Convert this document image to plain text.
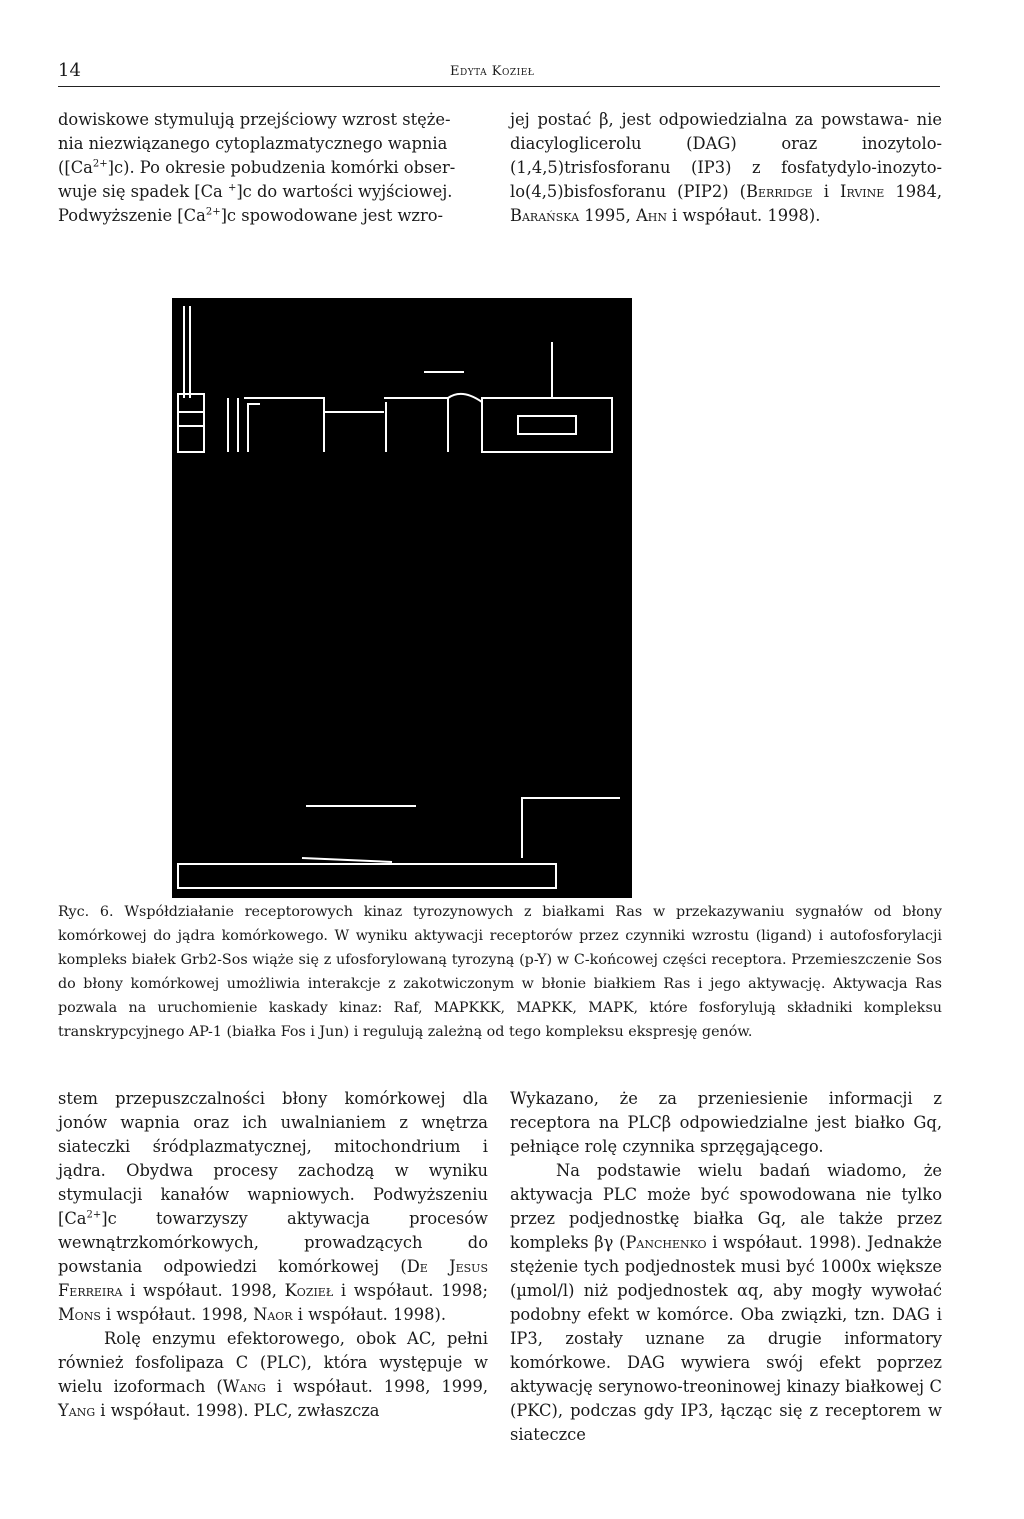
14	Edyta Kozieł
dowiskowe stymulują przejściowy wzrost stęże-
nia niezwiązanego cytoplazmatycznego wapnia
$([Ca^{2+}]c)$. Po okresie pobudzenia komórki obser-
wuje się spadek [Ca +]c do wartości wyjściowej.
Podwyższenie $[Ca^{2+}]c$ spowodowane jest wzro-

jej postać β, jest odpowiedzialna za powstawa- nie diacyloglicerolu (DAG) oraz inozytolo- (1,4,5)trisfosforanu (IP3) z fosfatydylo-inozyto- lo(4,5)bisfosforanu (PIP2) (Berridge i Irvine 1984, Barańska 1995, Ahn i współaut. 1998).

Ryc. 6. Współdziałanie receptorowych kinaz tyrozynowych z białkami Ras w przekazywaniu sygnałów od błony komórkowej do jądra komórkowego. W wyniku aktywacji receptorów przez czynniki wzrostu (ligand) i autofosforylacji kompleks białek Grb2-Sos wiąże się z ufosforylowaną tyrozyną (p-Y) w C-końcowej części receptora. Przemieszczenie Sos do błony komórkowej umożliwia interakcje z zakotwiczonym w błonie białkiem Ras i jego aktywację. Aktywacja Ras pozwala na uruchomienie kaskady kinaz: Raf, MAPKKK, MAPKK, MAPK, które fosforylują składniki kompleksu transkrypcyjnego AP-1 (białka Fos i Jun) i regulują zależną od tego kompleksu ekspresję genów.

stem przepuszczalności błony komórkowej dla jonów wapnia oraz ich uwalnianiem z wnętrza siateczki śródplazmatycznej, mitochondrium i jądra. Obydwa procesy zachodzą w wyniku stymulacji kanałów wapniowych. Podwyższeniu $[Ca^{2+}]c$ towarzyszy aktywacja procesów wewnątrzkomórkowych, prowadzących do powstania odpowiedzi komórkowej (De Jesus Ferreira i współaut. 1998, Kozieł i współaut. 1998; Mons i współaut. 1998, Naor i współaut. 1998).

Rolę enzymu efektorowego, obok AC, pełni również fosfolipaza C (PLC), która występuje w wielu izoformach (Wang i współaut. 1998, 1999, Yang i współaut. 1998). PLC, zwłaszcza

Wykazano, że za przeniesienie informacji z receptora na PLCβ odpowiedzialne jest białko Gq, pełniące rolę czynnika sprzęgającego.

Na podstawie wielu badań wiadomo, że aktywacja PLC może być spowodowana nie tylko przez podjednostkę białka Gq, ale także przez kompleks βγ (Panchenko i współaut. 1998). Jednakże stężenie tych podjednostek musi być 1000x większe (µmol/l) niż podjednostek αq, aby mogły wywołać podobny efekt w komórce. Oba związki, tzn. DAG i IP3, zostały uznane za drugie informatory komórkowe. DAG wywiera swój efekt poprzez aktywację serynowo-treoninowej kinazy białkowej C (PKC), podczas gdy IP3, łącząc się z receptorem w siateczce
